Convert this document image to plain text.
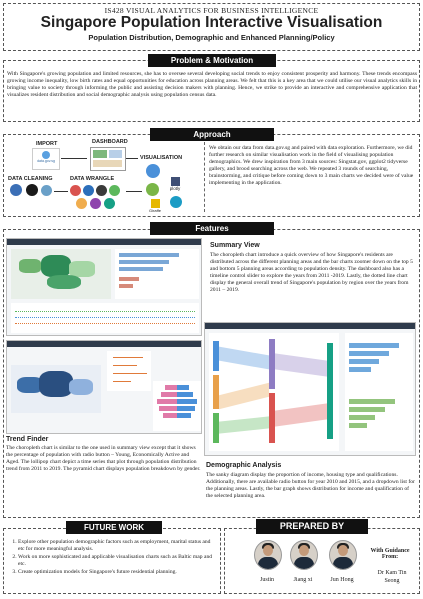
IS428 VISUAL ANALYTICS FOR BUSINESS INTELLIGENCE
Singapore Population Interactive Visualisation
Population Distribution, Demographic and Enhanced Planning/Policy
Problem & Motivation
With Singapore's growing population and limited resources, she has to oversee several developing social trends to enjoy consistent prosperity and harmony. These trends encompass growing income inequality, low birth rates and equal opportunities for education across planning areas. We felt that this is a key area that we could utilise our visual analytics skills in bringing value to society through informing the public and assisting decision makers with planning. Hence, we strike to provide an interactive and comprehensive application that visualizes resident distribution and social demographic analysis using population census data.
Approach
IMPORT	DASHBOARD
VISUALISATION
DATA CLEANING	DATA WRANGLE
data.gov.sg
plotly
Giraffe
We obtain our data from data.gov.sg and paired with data exploration. Furthermore, we did further research on similar visualisation work in the field of visualising population demographics. We drew inspiration from 3 main sources: Singstat.gov, ggplot2 tidyverse gallery, and brood searching across the web. We repeated 3 rounds of searching, brainstorming, and critique before coming down to 3 main charts we decided were of value implementing in the application.
Features
Summary View
The choropleth chart introduce a quick overview of how Singapore's residents are distributed across the different planning areas and the bar charts zoomer down on the top 5 and bottom 5 planning areas according to population density. The dashboard also has a timeline control slider to explore the years from 2011 -2019. Lastly, the dotted line chart display the general overall trend of Singapore's population by region over the years from 2011 – 2019.
Trend Finder
The choropleth chart is similar to the one used in summary view except that it shows the percentage of population with radio button – Young, Economically Active and Aged. The lollipop chart depict a time series that plot through population distribution trend from 2011 to 2019. The pyramid chart displays population breakdown by gender. Demographic Analysis
The sanky diagram display the proportion of income, housing type and qualifications. Additionally, there are available radio button for year 2010 and 2015, and a dropdown list for the planning areas. Lastly, the bar graph shows distribution for income and qualification of the selected planning area.
FUTURE WORK
1. Explore other population demographic factors such as employment, marital status and etc for more meaningful analysis.
2. Work on more sophisticated and applicable visualisation charts such as Baltic map and etc.
3. Create optimization models for Singapore's future residential planning.
PREPARED BY
Justin	Jiang xi	Jun Hong
With Guidance From:
Dr Kam Tin Seong
